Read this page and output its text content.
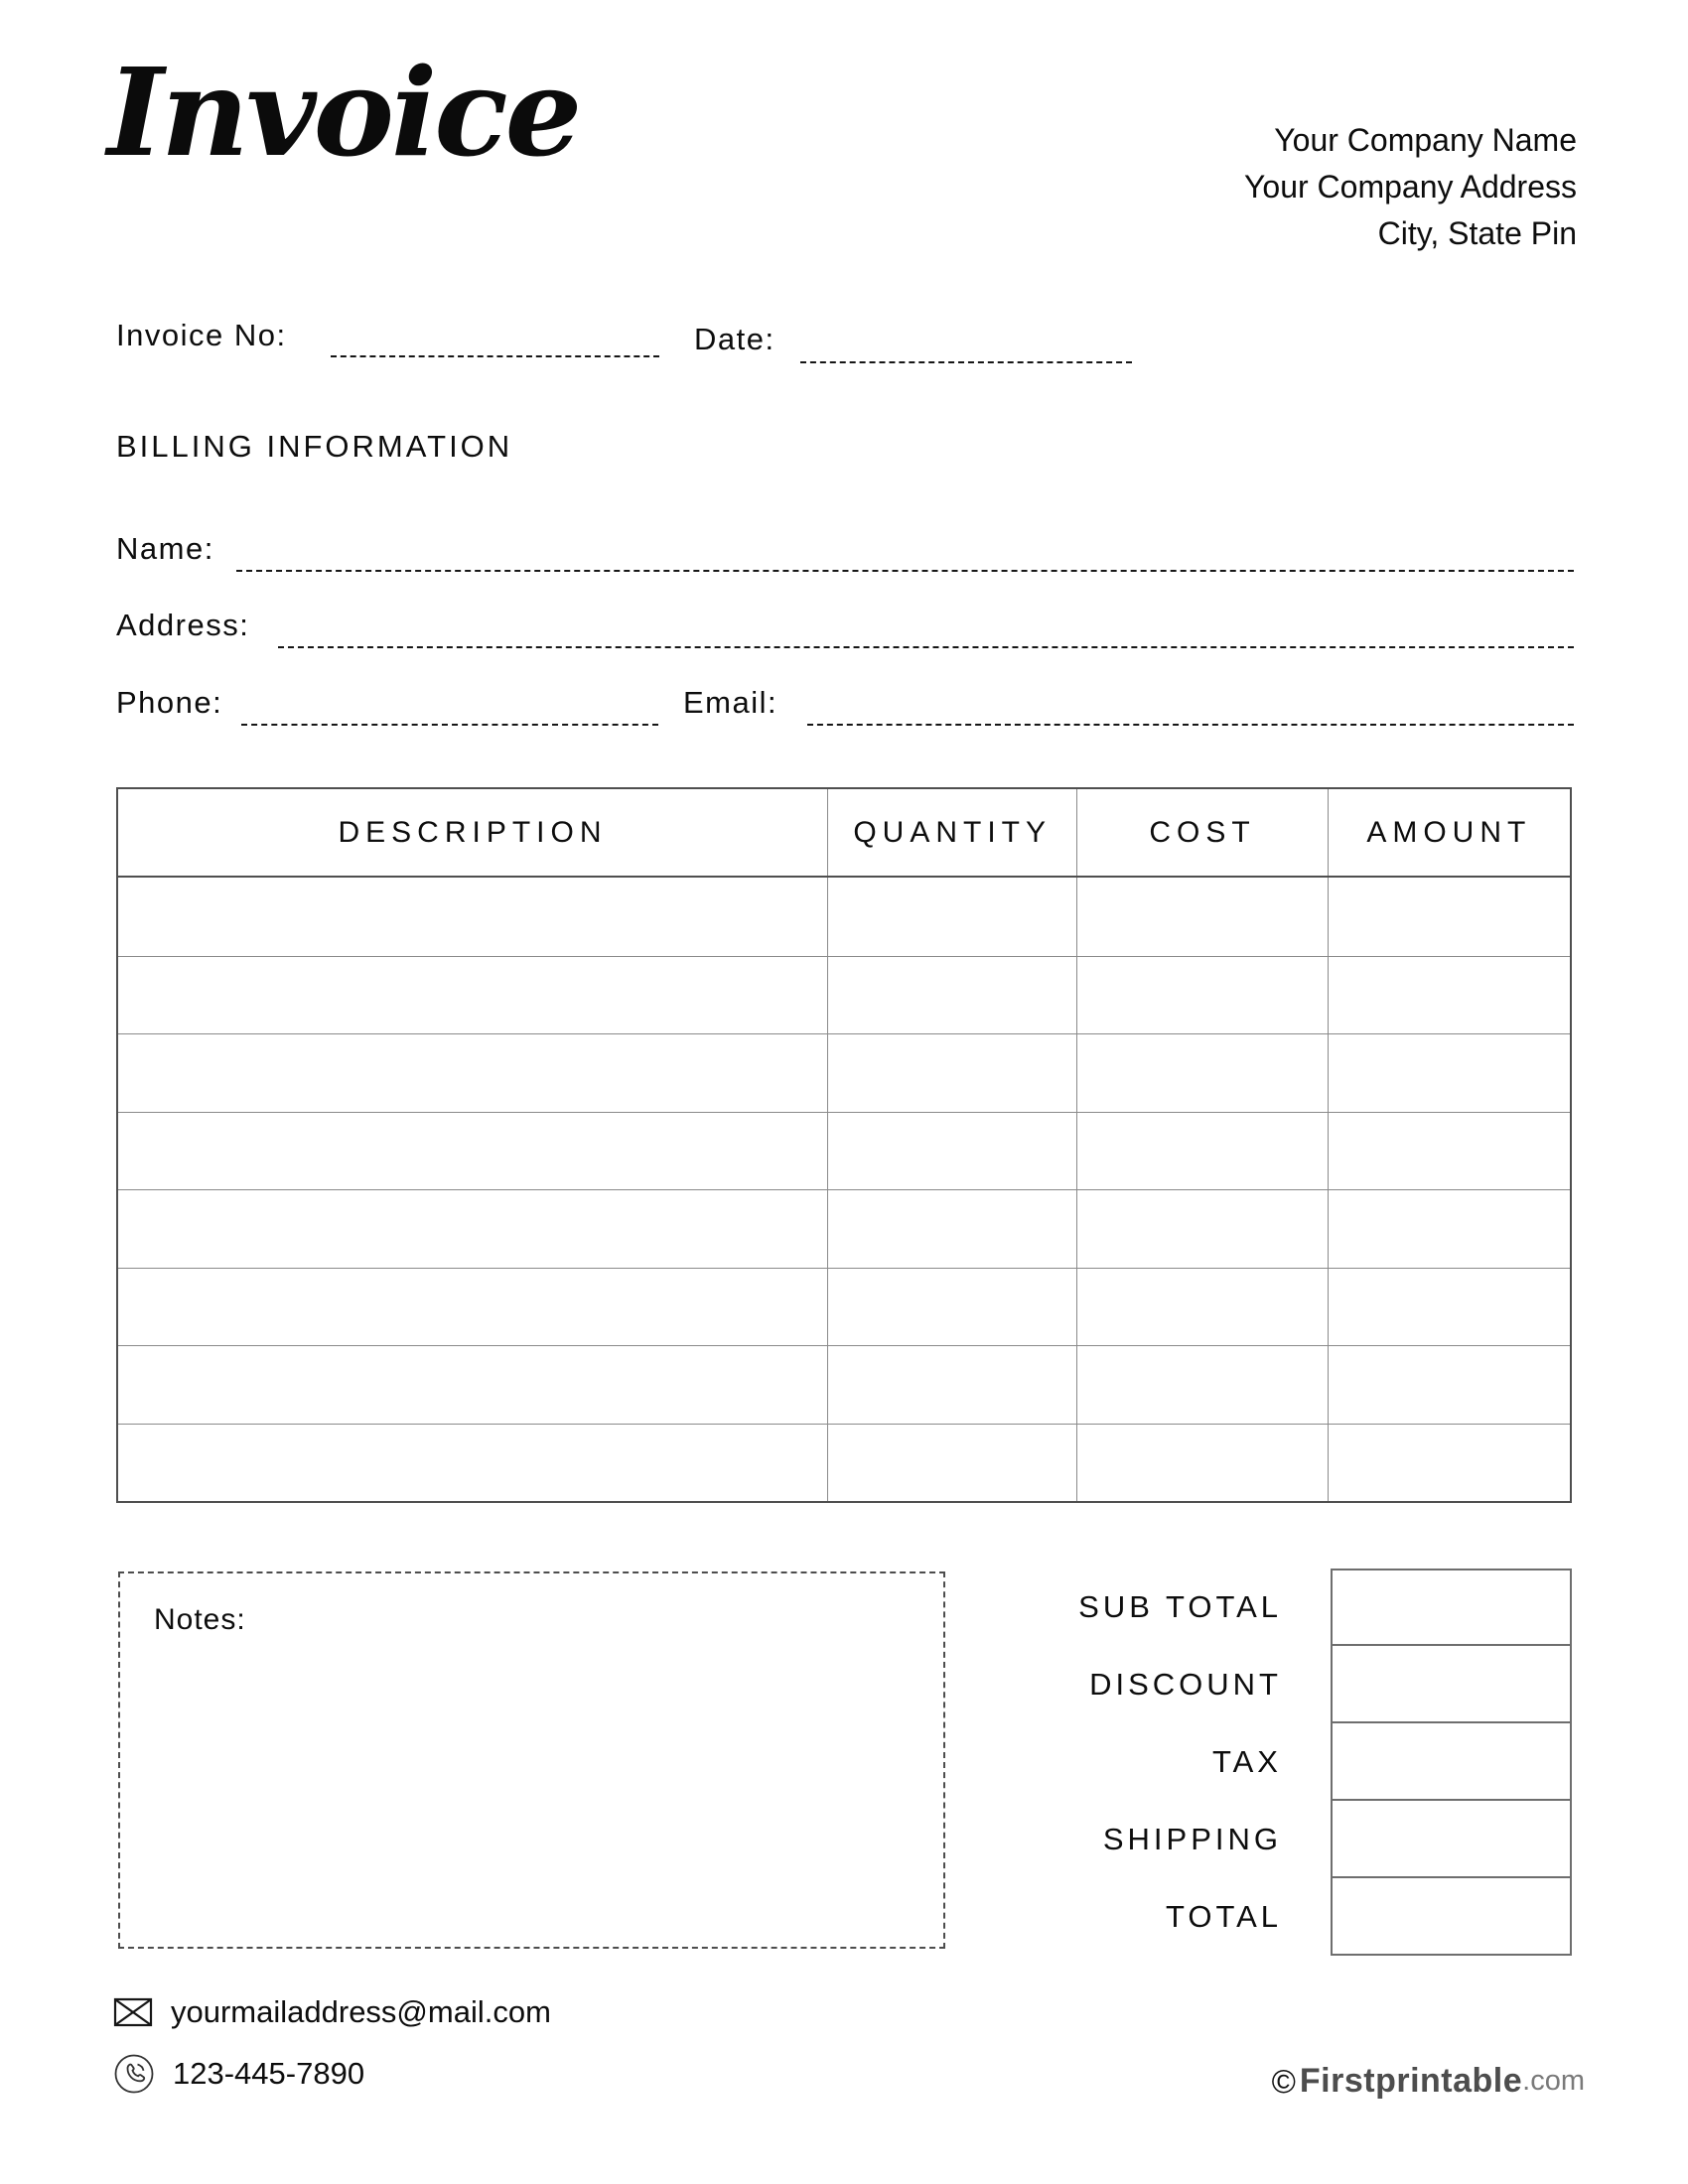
Invoice	Your Company Name
Your Company Address
City, State Pin
Invoice No:	Date:
BILLING INFORMATION
Name:
Address:
Phone:	Email:
DESCRIPTION	QUANTITY	COST	AMOUNT
Notes:	SUB TOTAL
DISCOUNT
TAX
SHIPPING
TOTAL
yourmailaddress@mail.com
123-445-7890	© Firstprintable .com
